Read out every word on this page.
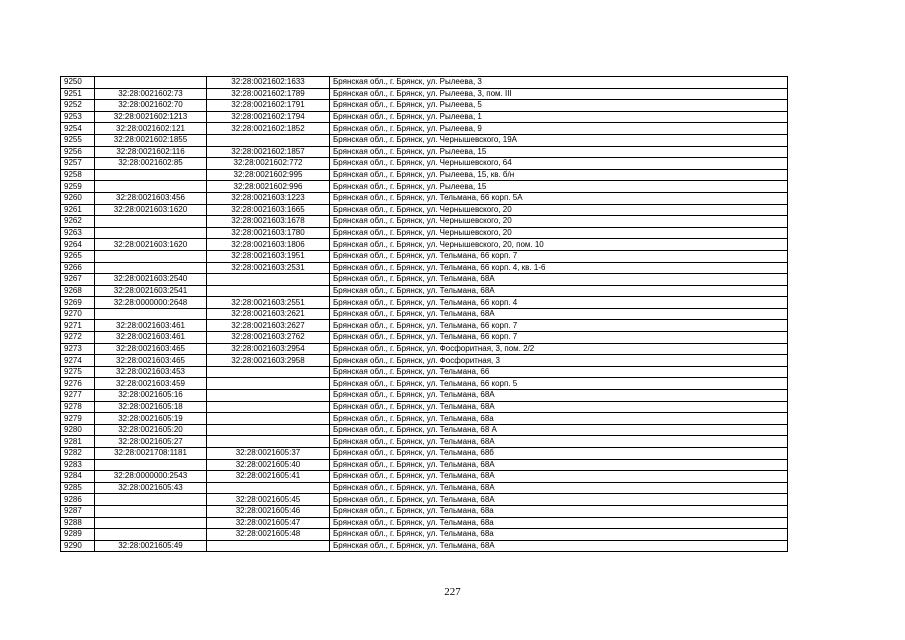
9250		32:28:0021602:1633	Брянская обл., г. Брянск, ул. Рылеева, 3
9251	32:28:0021602:73	32:28:0021602:1789	Брянская обл., г. Брянск, ул. Рылеева, 3, пом. III
9252	32:28:0021602:70	32:28:0021602:1791	Брянская обл., г. Брянск, ул. Рылеева, 5
9253	32:28:0021602:1213	32:28:0021602:1794	Брянская обл., г. Брянск, ул. Рылеева, 1
9254	32:28:0021602:121	32:28:0021602:1852	Брянская обл., г. Брянск, ул. Рылеева, 9
9255	32:28:0021602:1855		Брянская обл., г. Брянск, ул. Чернышевского, 19А
9256	32:28:0021602:116	32:28:0021602:1857	Брянская обл., г. Брянск, ул. Рылеева, 15
9257	32:28:0021602:85	32:28:0021602:772	Брянская обл., г. Брянск, ул. Чернышевского, 64
9258		32:28:0021602:995	Брянская обл., г. Брянск, ул. Рылеева, 15, кв. б/н
9259		32:28:0021602:996	Брянская обл., г. Брянск, ул. Рылеева, 15
9260	32:28:0021603:456	32:28:0021603:1223	Брянская обл., г. Брянск, ул. Тельмана, 66 корп. 5А
9261	32:28:0021603:1620	32:28:0021603:1665	Брянская обл., г. Брянск, ул. Чернышевского, 20
9262		32:28:0021603:1678	Брянская обл., г. Брянск, ул. Чернышевского, 20
9263		32:28:0021603:1780	Брянская обл., г. Брянск, ул. Чернышевского, 20
9264	32:28:0021603:1620	32:28:0021603:1806	Брянская обл., г. Брянск, ул. Чернышевского, 20, пом. 10
9265		32:28:0021603:1951	Брянская обл., г. Брянск, ул. Тельмана, 66 корп. 7
9266		32:28:0021603:2531	Брянская обл., г. Брянск, ул. Тельмана, 66 корп. 4, кв. 1-6
9267	32:28:0021603:2540		Брянская обл., г. Брянск, ул. Тельмана, 68А
9268	32:28:0021603:2541		Брянская обл., г. Брянск, ул. Тельмана, 68А
9269	32:28:0000000:2648	32:28:0021603:2551	Брянская обл., г. Брянск, ул. Тельмана, 66 корп. 4
9270		32:28:0021603:2621	Брянская обл., г. Брянск, ул. Тельмана, 68А
9271	32:28:0021603:461	32:28:0021603:2627	Брянская обл., г. Брянск, ул. Тельмана, 66 корп. 7
9272	32:28:0021603:461	32:28:0021603:2762	Брянская обл., г. Брянск, ул. Тельмана, 66 корп. 7
9273	32:28:0021603:465	32:28:0021603:2954	Брянская обл., г. Брянск, ул. Фосфоритная, 3, пом. 2/2
9274	32:28:0021603:465	32:28:0021603:2958	Брянская обл., г. Брянск, ул. Фосфоритная, 3
9275	32:28:0021603:453		Брянская обл., г. Брянск, ул. Тельмана, 66
9276	32:28:0021603:459		Брянская обл., г. Брянск, ул. Тельмана, 66 корп. 5
9277	32:28:0021605:16		Брянская обл., г. Брянск, ул. Тельмана, 68А
9278	32:28:0021605:18		Брянская обл., г. Брянск, ул. Тельмана, 68А
9279	32:28:0021605:19		Брянская обл., г. Брянск, ул. Тельмана, 68а
9280	32:28:0021605:20		Брянская обл., г. Брянск, ул. Тельмана, 68 А
9281	32:28:0021605:27		Брянская обл., г. Брянск, ул. Тельмана, 68А
9282	32:28:0021708:1181	32:28:0021605:37	Брянская обл., г. Брянск, ул. Тельмана, 68б
9283		32:28:0021605:40	Брянская обл., г. Брянск, ул. Тельмана, 68А
9284	32:28:0000000:2543	32:28:0021605:41	Брянская обл., г. Брянск, ул. Тельмана, 68А
9285	32:28:0021605:43		Брянская обл., г. Брянск, ул. Тельмана, 68А
9286		32:28:0021605:45	Брянская обл., г. Брянск, ул. Тельмана, 68А
9287		32:28:0021605:46	Брянская обл., г. Брянск, ул. Тельмана, 68а
9288		32:28:0021605:47	Брянская обл., г. Брянск, ул. Тельмана, 68а
9289		32:28:0021605:48	Брянская обл., г. Брянск, ул. Тельмана, 68а
9290	32:28:0021605:49		Брянская обл., г. Брянск, ул. Тельмана, 68А
227
